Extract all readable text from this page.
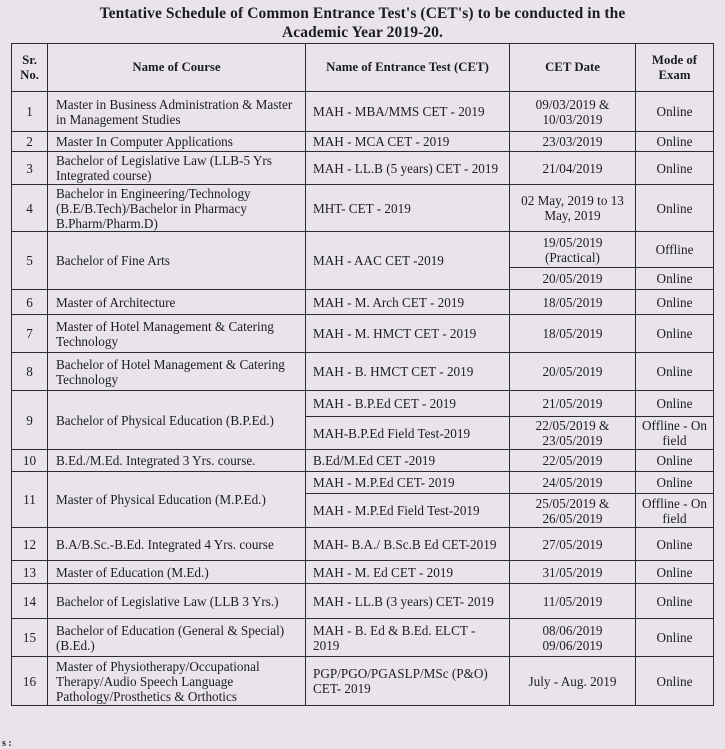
Tentative Schedule of Common Entrance Test's (CET's) to be conducted in the
Academic Year 2019-20.
Sr. No.	Name of Course	Name of Entrance Test (CET)	CET Date	Mode of Exam
1	Master in Business Administration & Master in Management Studies	MAH - MBA/MMS CET - 2019	09/03/2019 & 10/03/2019	Online
2	Master In Computer Applications	MAH - MCA CET - 2019	23/03/2019	Online
3	Bachelor of Legislative Law (LLB-5 Yrs Integrated course)	MAH - LL.B (5 years) CET - 2019	21/04/2019	Online
4	Bachelor in Engineering/Technology (B.E/B.Tech)/Bachelor in Pharmacy B.Pharm/Pharm.D)	MHT- CET - 2019	02 May, 2019 to 13 May, 2019	Online
5	Bachelor of Fine Arts	MAH - AAC CET -2019	19/05/2019 (Practical)	Offline
			20/05/2019	Online
6	Master of Architecture	MAH - M. Arch CET - 2019	18/05/2019	Online
7	Master of Hotel Management & Catering Technology	MAH - M. HMCT CET - 2019	18/05/2019	Online
8	Bachelor of Hotel Management & Catering Technology	MAH - B. HMCT CET - 2019	20/05/2019	Online
9	Bachelor of Physical Education (B.P.Ed.)	MAH - B.P.Ed CET - 2019	21/05/2019	Online
		MAH-B.P.Ed Field Test-2019	22/05/2019 & 23/05/2019	Offline - On field
10	B.Ed./M.Ed. Integrated 3 Yrs. course.	B.Ed/M.Ed CET -2019	22/05/2019	Online
11	Master of Physical Education (M.P.Ed.)	MAH - M.P.Ed CET- 2019	24/05/2019	Online
		MAH - M.P.Ed Field Test-2019	25/05/2019 & 26/05/2019	Offline - On field
12	B.A/B.Sc.-B.Ed. Integrated 4 Yrs. course	MAH- B.A./ B.Sc.B Ed CET-2019	27/05/2019	Online
13	Master of Education (M.Ed.)	MAH - M. Ed CET - 2019	31/05/2019	Online
14	Bachelor of Legislative Law (LLB 3 Yrs.)	MAH - LL.B (3 years) CET- 2019	11/05/2019	Online
15	Bachelor of Education (General & Special) (B.Ed.)	MAH - B. Ed & B.Ed. ELCT - 2019	08/06/2019 09/06/2019	Online
16	Master of Physiotherapy/Occupational Therapy/Audio Speech Language Pathology/Prosthetics & Orthotics	PGP/PGO/PGASLP/MSc (P&O) CET- 2019	July - Aug. 2019	Online
s :
